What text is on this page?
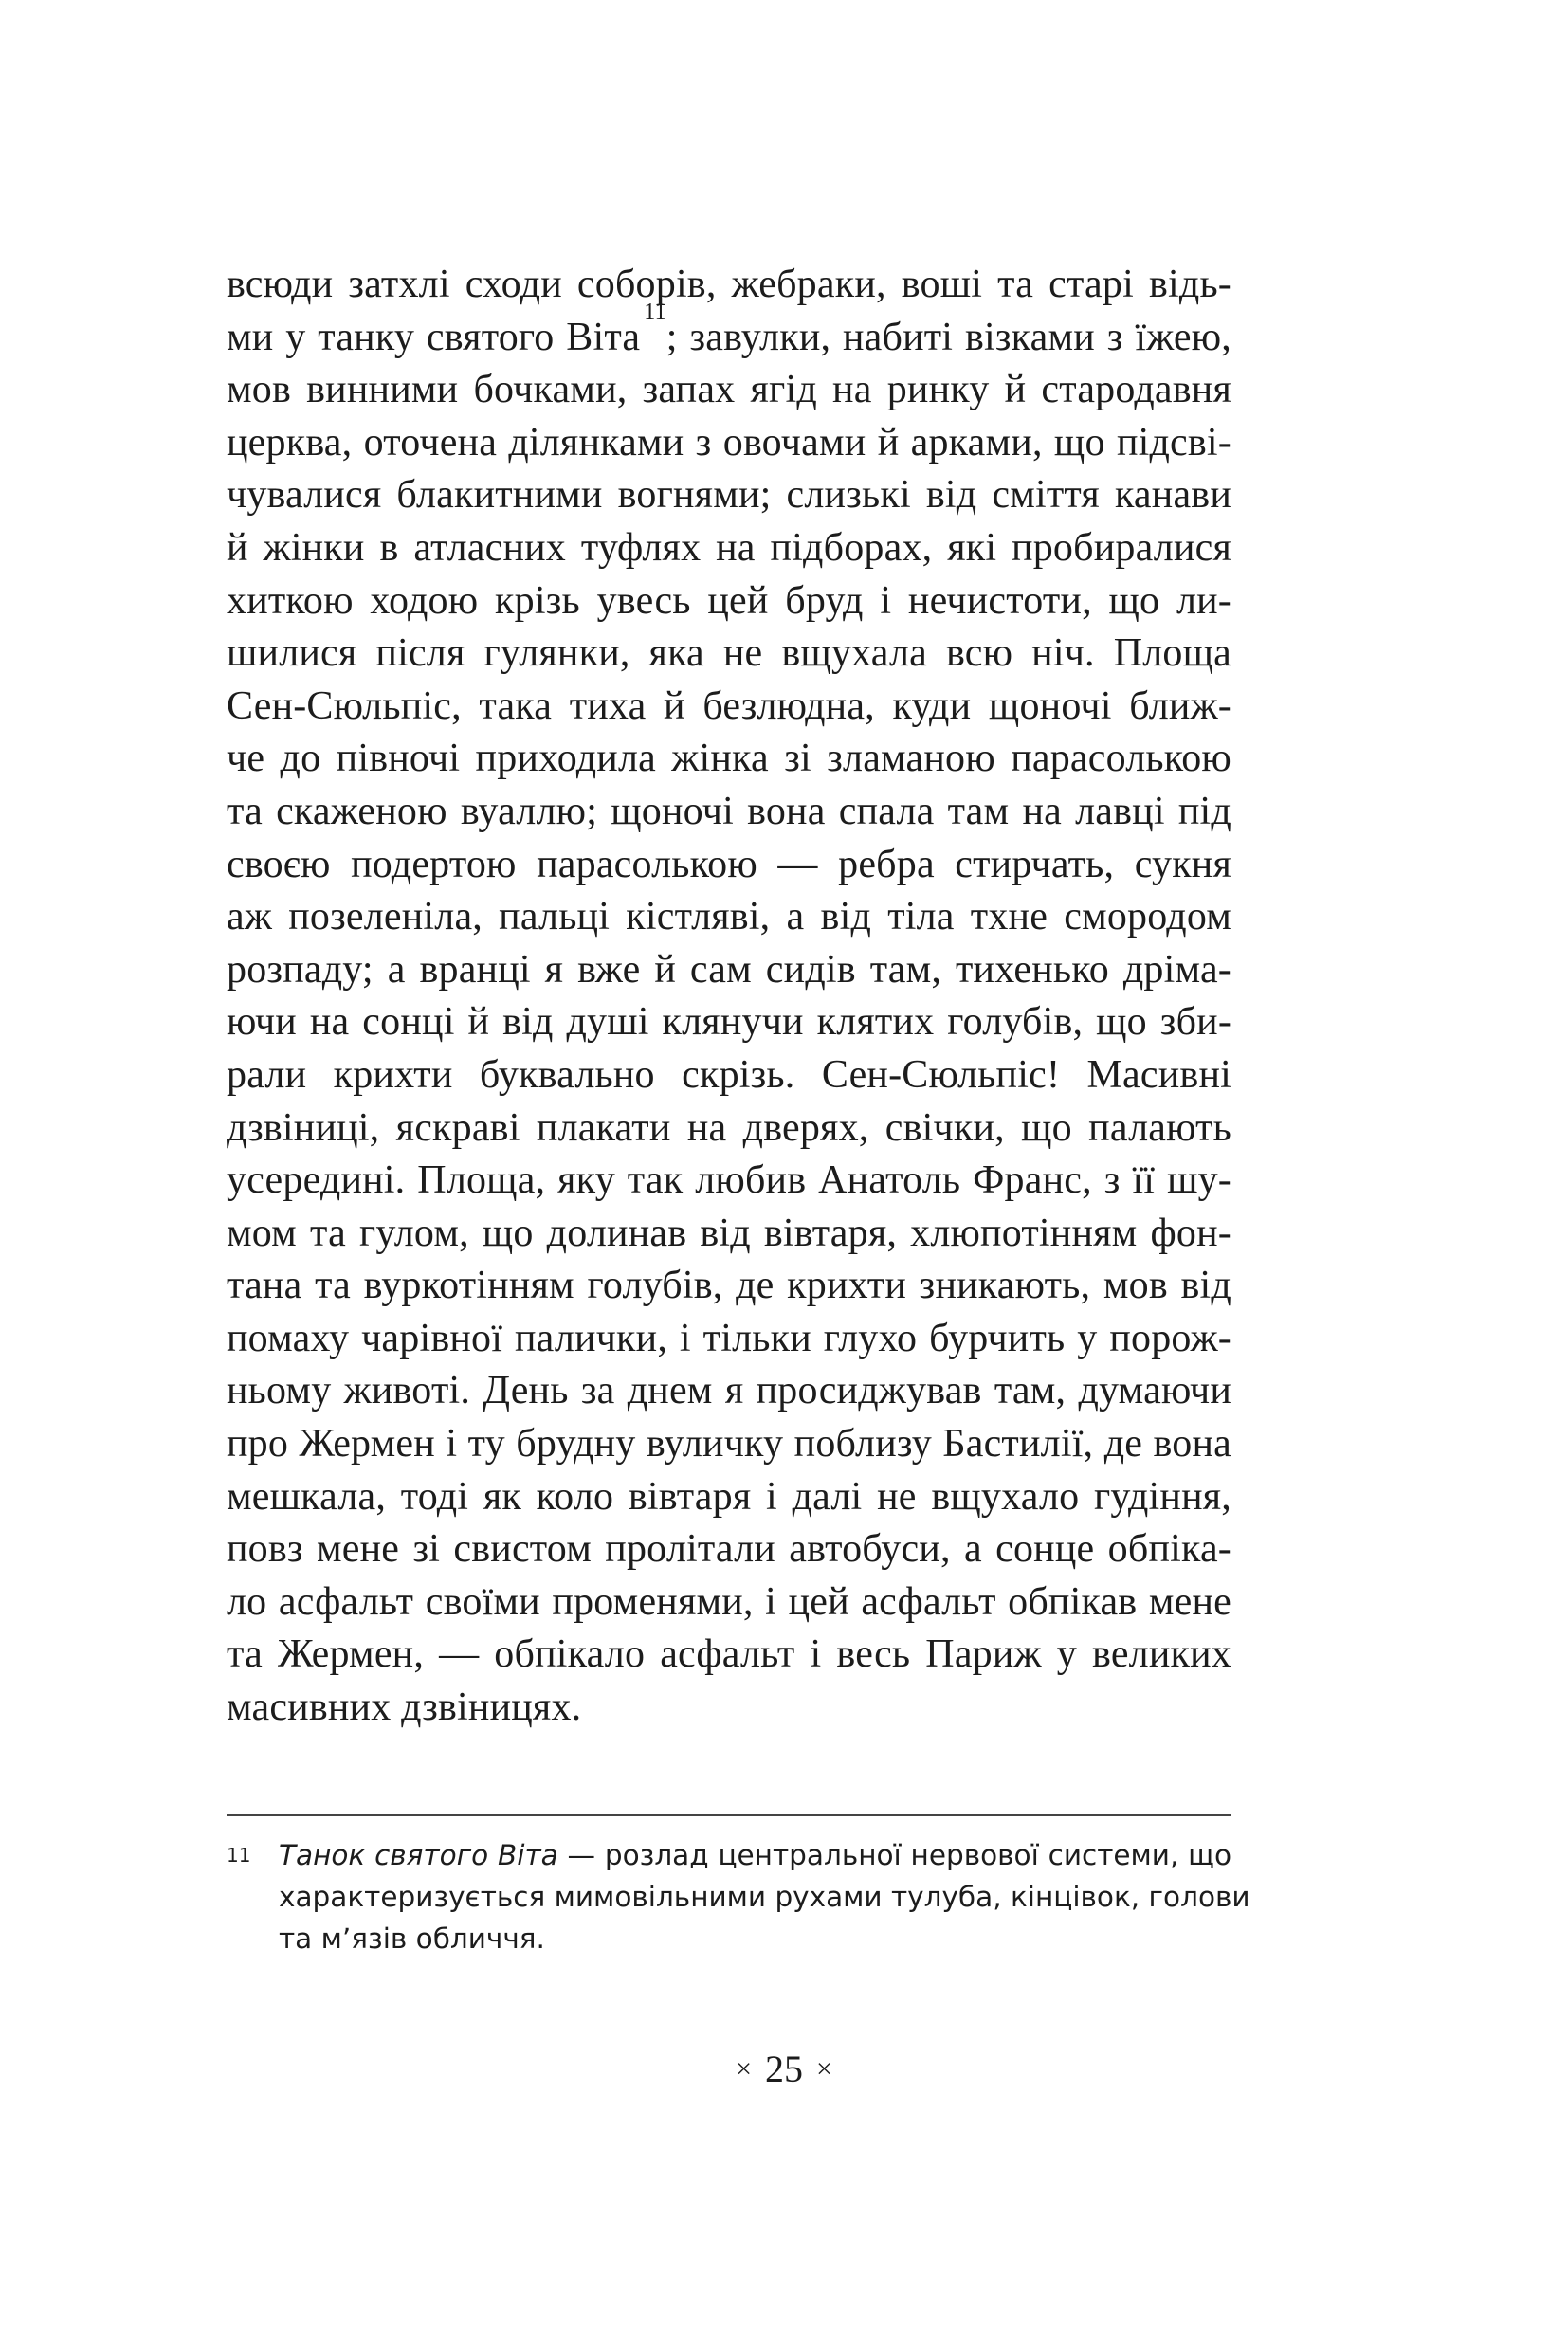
всюди затхлі сходи соборів, жебраки, воші та старі відь-
ми у танку святого Віта$^{11}$; завулки, набиті візками з їжею,
мов винними бочками, запах ягід на ринку й стародавня
церква, оточена ділянками з овочами й арками, що підсві-
чувалися блакитними вогнями; слизькі від сміття канави
й жінки в атласних туфлях на підборах, які пробиралися
хиткою ходою крізь увесь цей бруд і нечистоти, що ли-
шилися після гулянки, яка не вщухала всю ніч. Площа
Сен-Сюльпіс, така тиха й безлюдна, куди щоночі ближ-
че до півночі приходила жінка зі зламаною парасолькою
та скаженою вуаллю; щоночі вона спала там на лавці під
своєю подертою парасолькою — ребра стирчать, сукня
аж позеленіла, пальці кістляві, а від тіла тхне смородом
розпаду; а вранці я вже й сам сидів там, тихенько дріма-
ючи на сонці й від душі клянучи клятих голубів, що зби-
рали крихти буквально скрізь. Сен-Сюльпіс! Масивні
дзвіниці, яскраві плакати на дверях, свічки, що палають
усередині. Площа, яку так любив Анатоль Франс, з її шу-
мом та гулом, що долинав від вівтаря, хлюпотінням фон-
тана та вуркотінням голубів, де крихти зникають, мов від
помаху чарівної палички, і тільки глухо бурчить у порож-
ньому животі. День за днем я просиджував там, думаючи
про Жермен і ту брудну вуличку поблизу Бастилії, де вона
мешкала, тоді як коло вівтаря і далі не вщухало гудіння,
повз мене зі свистом пролітали автобуси, а сонце обпіка-
ло асфальт своїми променями, і цей асфальт обпікав мене
та Жермен, — обпікало асфальт і весь Париж у великих
масивних дзвіницях.
11 Танок святого Віта — розлад центральної нервової системи, що
характеризується мимовільними рухами тулуба, кінцівок, голови
та м’язів обличчя.
× 25 ×
